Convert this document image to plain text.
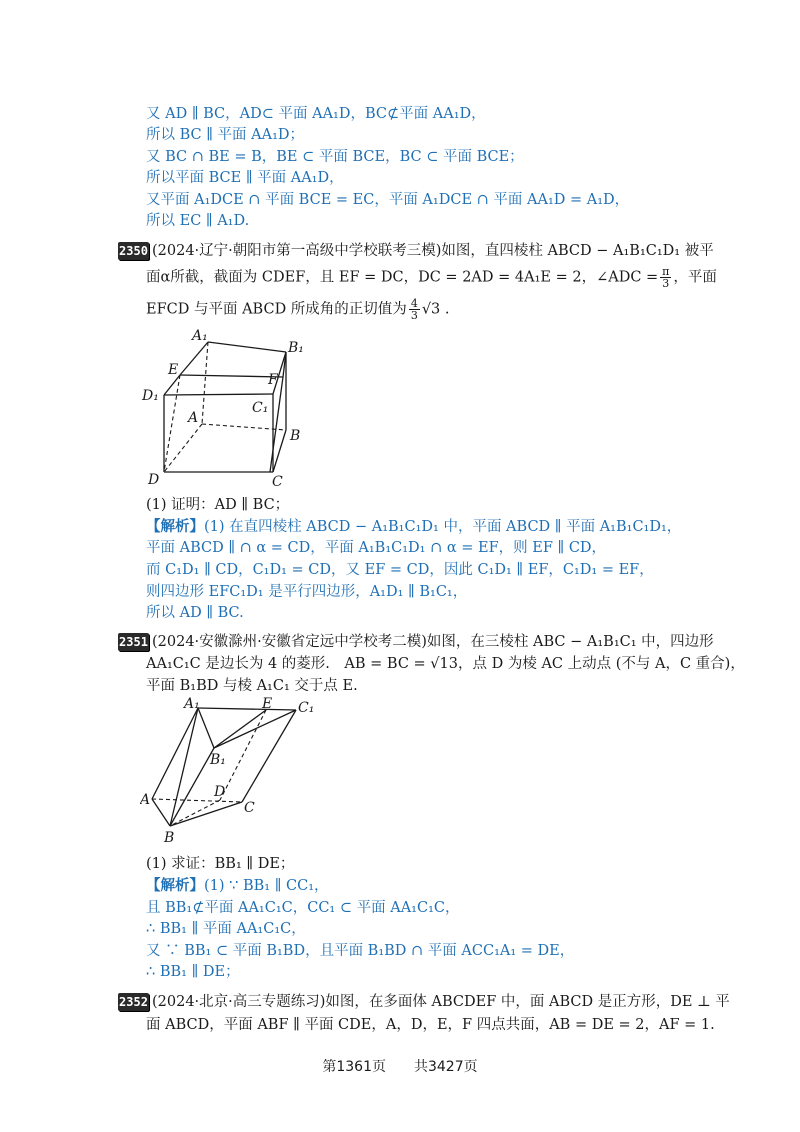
又 AD ∥ BC，AD⊂ 平面 AA₁D，BC⊄平面 AA₁D，
所以 BC ∥ 平面 AA₁D；
又 BC ∩ BE = B，BE ⊂ 平面 BCE，BC ⊂ 平面 BCE；
所以平面 BCE ∥ 平面 AA₁D，
又平面 A₁DCE ∩ 平面 BCE = EC，平面 A₁DCE ∩ 平面 AA₁D = A₁D，
所以 EC ∥ A₁D.
2350 (2024·辽宁·朝阳市第一高级中学校联考三模)如图，直四棱柱 ABCD − A₁B₁C₁D₁ 被平
面α所截，截面为 CDEF，且 EF = DC，DC = 2AD = 4A₁E = 2，∠ADC = $\frac{\pi}{3}$ ，平面
EFCD 与平面 ABCD 所成角的正切值为 $\frac{4}{3} √3$ .
A₁
B₁
E
F
D₁
C₁
A
B
D	C
(1) 证明：AD ∥ BC；
【解析】(1) 在直四棱柱 ABCD − A₁B₁C₁D₁ 中，平面 ABCD ∥ 平面 A₁B₁C₁D₁，
平面 ABCD ∥ ∩ α = CD，平面 A₁B₁C₁D₁ ∩ α = EF，则 EF ∥ CD，
而 C₁D₁ ∥ CD，C₁D₁ = CD，又 EF = CD，因此 C₁D₁ ∥ EF，C₁D₁ = EF，
则四边形 EFC₁D₁ 是平行四边形，A₁D₁ ∥ B₁C₁，
所以 AD ∥ BC.
2351 (2024·安徽滁州·安徽省定远中学校考二模)如图，在三棱柱 ABC − A₁B₁C₁ 中，四边形
AA₁C₁C 是边长为 4 的菱形.　AB = BC = √13，点 D 为棱 AC 上动点 (不与 A，C 重合)，
平面 B₁BD 与棱 A₁C₁ 交于点 E.
A₁	E C₁
B₁
A	D
C
B
(1) 求证：BB₁ ∥ DE；
【解析】(1) ∵ BB₁ ∥ CC₁，
且 BB₁⊄平面 AA₁C₁C，CC₁ ⊂ 平面 AA₁C₁C，
∴ BB₁ ∥ 平面 AA₁C₁C，
又 ∵ BB₁ ⊂ 平面 B₁BD，且平面 B₁BD ∩ 平面 ACC₁A₁ = DE，
∴ BB₁ ∥ DE；
2352 (2024·北京·高三专题练习)如图，在多面体 ABCDEF 中，面 ABCD 是正方形，DE ⊥ 平
面 ABCD，平面 ABF ∥ 平面 CDE，A，D，E，F 四点共面，AB = DE = 2，AF = 1.
第1361页　　共3427页
